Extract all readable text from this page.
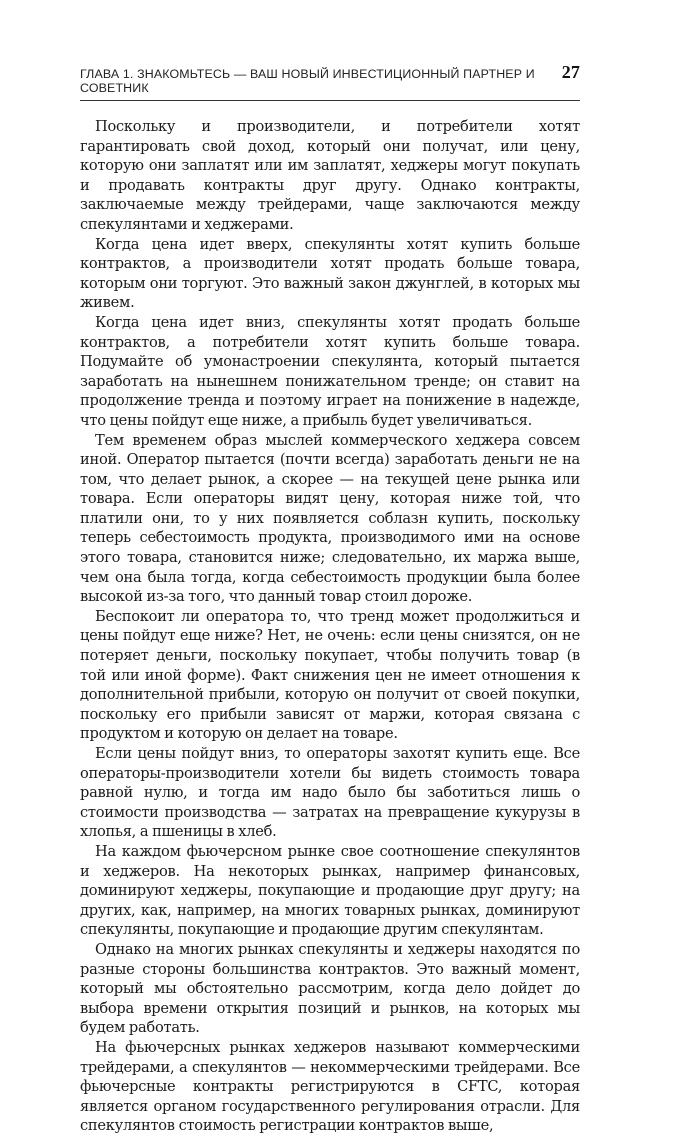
ГЛАВА 1. ЗНАКОМЬТЕСЬ — ВАШ НОВЫЙ ИНВЕСТИЦИОННЫЙ ПАРТНЕР И СОВЕТНИК
27

Поскольку и производители, и потребители хотят гарантировать свой доход, который они получат, или цену, которую они заплатят или им заплатят, хеджеры могут покупать и продавать контракты друг другу. Однако контракты, заключаемые между трейдерами, чаще заключаются между спекулянтами и хеджерами.

Когда цена идет вверх, спекулянты хотят купить больше контрактов, а производители хотят продать больше товара, которым они торгуют. Это важный закон джунглей, в которых мы живем.

Когда цена идет вниз, спекулянты хотят продать больше контрактов, а потребители хотят купить больше товара. Подумайте об умонастроении спекулянта, который пытается заработать на нынешнем понижательном тренде; он ставит на продолжение тренда и поэтому играет на понижение в надежде, что цены пойдут еще ниже, а прибыль будет увеличиваться.

Тем временем образ мыслей коммерческого хеджера совсем иной. Оператор пытается (почти всегда) заработать деньги не на том, что делает рынок, а скорее — на текущей цене рынка или товара. Если операторы видят цену, которая ниже той, что платили они, то у них появляется соблазн купить, поскольку теперь себестоимость продукта, производимого ими на основе этого товара, становится ниже; следовательно, их маржа выше, чем она была тогда, когда себестоимость продукции была более высокой из-за того, что данный товар стоил дороже.

Беспокоит ли оператора то, что тренд может продолжиться и цены пойдут еще ниже? Нет, не очень: если цены снизятся, он не потеряет деньги, поскольку покупает, чтобы получить товар (в той или иной форме). Факт снижения цен не имеет отношения к дополнительной прибыли, которую он получит от своей покупки, поскольку его прибыли зависят от маржи, которая связана с продуктом и которую он делает на товаре.

Если цены пойдут вниз, то операторы захотят купить еще. Все операторы-производители хотели бы видеть стоимость товара равной нулю, и тогда им надо было бы заботиться лишь о стоимости производства — затратах на превращение кукурузы в хлопья, а пшеницы в хлеб.

На каждом фьючерсном рынке свое соотношение спекулянтов и хеджеров. На некоторых рынках, например финансовых, доминируют хеджеры, покупающие и продающие друг другу; на других, как, например, на многих товарных рынках, доминируют спекулянты, покупающие и продающие другим спекулянтам.

Однако на многих рынках спекулянты и хеджеры находятся по разные стороны большинства контрактов. Это важный момент, который мы обстоятельно рассмотрим, когда дело дойдет до выбора времени открытия позиций и рынков, на которых мы будем работать.

На фьючерсных рынках хеджеров называют коммерческими трейдерами, а спекулянтов — некоммерческими трейдерами. Все фьючерсные контракты регистрируются в CFTC, которая является органом государственного регулирования отрасли. Для спекулянтов стоимость регистрации контрактов выше,
